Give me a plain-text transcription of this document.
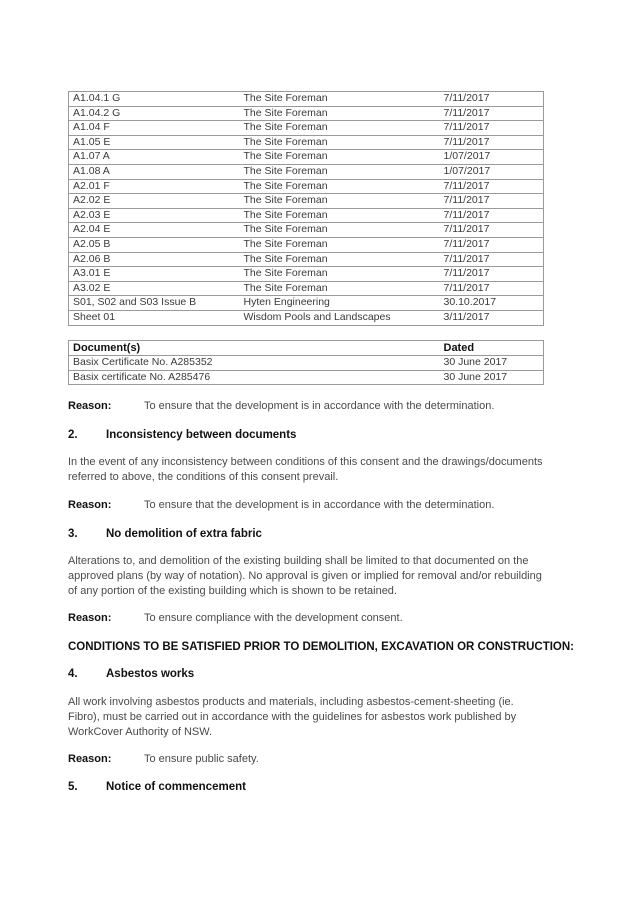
A1.04.1 G	The Site Foreman	7/11/2017
A1.04.2 G	The Site Foreman	7/11/2017
A1.04 F	The Site Foreman	7/11/2017
A1.05 E	The Site Foreman	7/11/2017
A1.07 A	The Site Foreman	1/07/2017
A1.08 A	The Site Foreman	1/07/2017
A2.01 F	The Site Foreman	7/11/2017
A2.02 E	The Site Foreman	7/11/2017
A2.03 E	The Site Foreman	7/11/2017
A2.04 E	The Site Foreman	7/11/2017
A2.05 B	The Site Foreman	7/11/2017
A2.06 B	The Site Foreman	7/11/2017
A3.01 E	The Site Foreman	7/11/2017
A3.02 E	The Site Foreman	7/11/2017
S01, S02 and S03 Issue B	Hyten Engineering	30.10.2017
Sheet 01	Wisdom Pools and Landscapes	3/11/2017
Document(s)	Dated
Basix Certificate No. A285352	30 June 2017
Basix certificate No. A285476	30 June 2017
Reason:	To ensure that the development is in accordance with the determination.
2. Inconsistency between documents
In the event of any inconsistency between conditions of this consent and the drawings/documents
referred to above, the conditions of this consent prevail.
Reason:	To ensure that the development is in accordance with the determination.
3. No demolition of extra fabric
Alterations to, and demolition of the existing building shall be limited to that documented on the
approved plans (by way of notation). No approval is given or implied for removal and/or rebuilding
of any portion of the existing building which is shown to be retained.
Reason:	To ensure compliance with the development consent.
CONDITIONS TO BE SATISFIED PRIOR TO DEMOLITION, EXCAVATION OR CONSTRUCTION:
4. Asbestos works
All work involving asbestos products and materials, including asbestos-cement-sheeting (ie.
Fibro), must be carried out in accordance with the guidelines for asbestos work published by
WorkCover Authority of NSW.
Reason:	To ensure public safety.
5. Notice of commencement
